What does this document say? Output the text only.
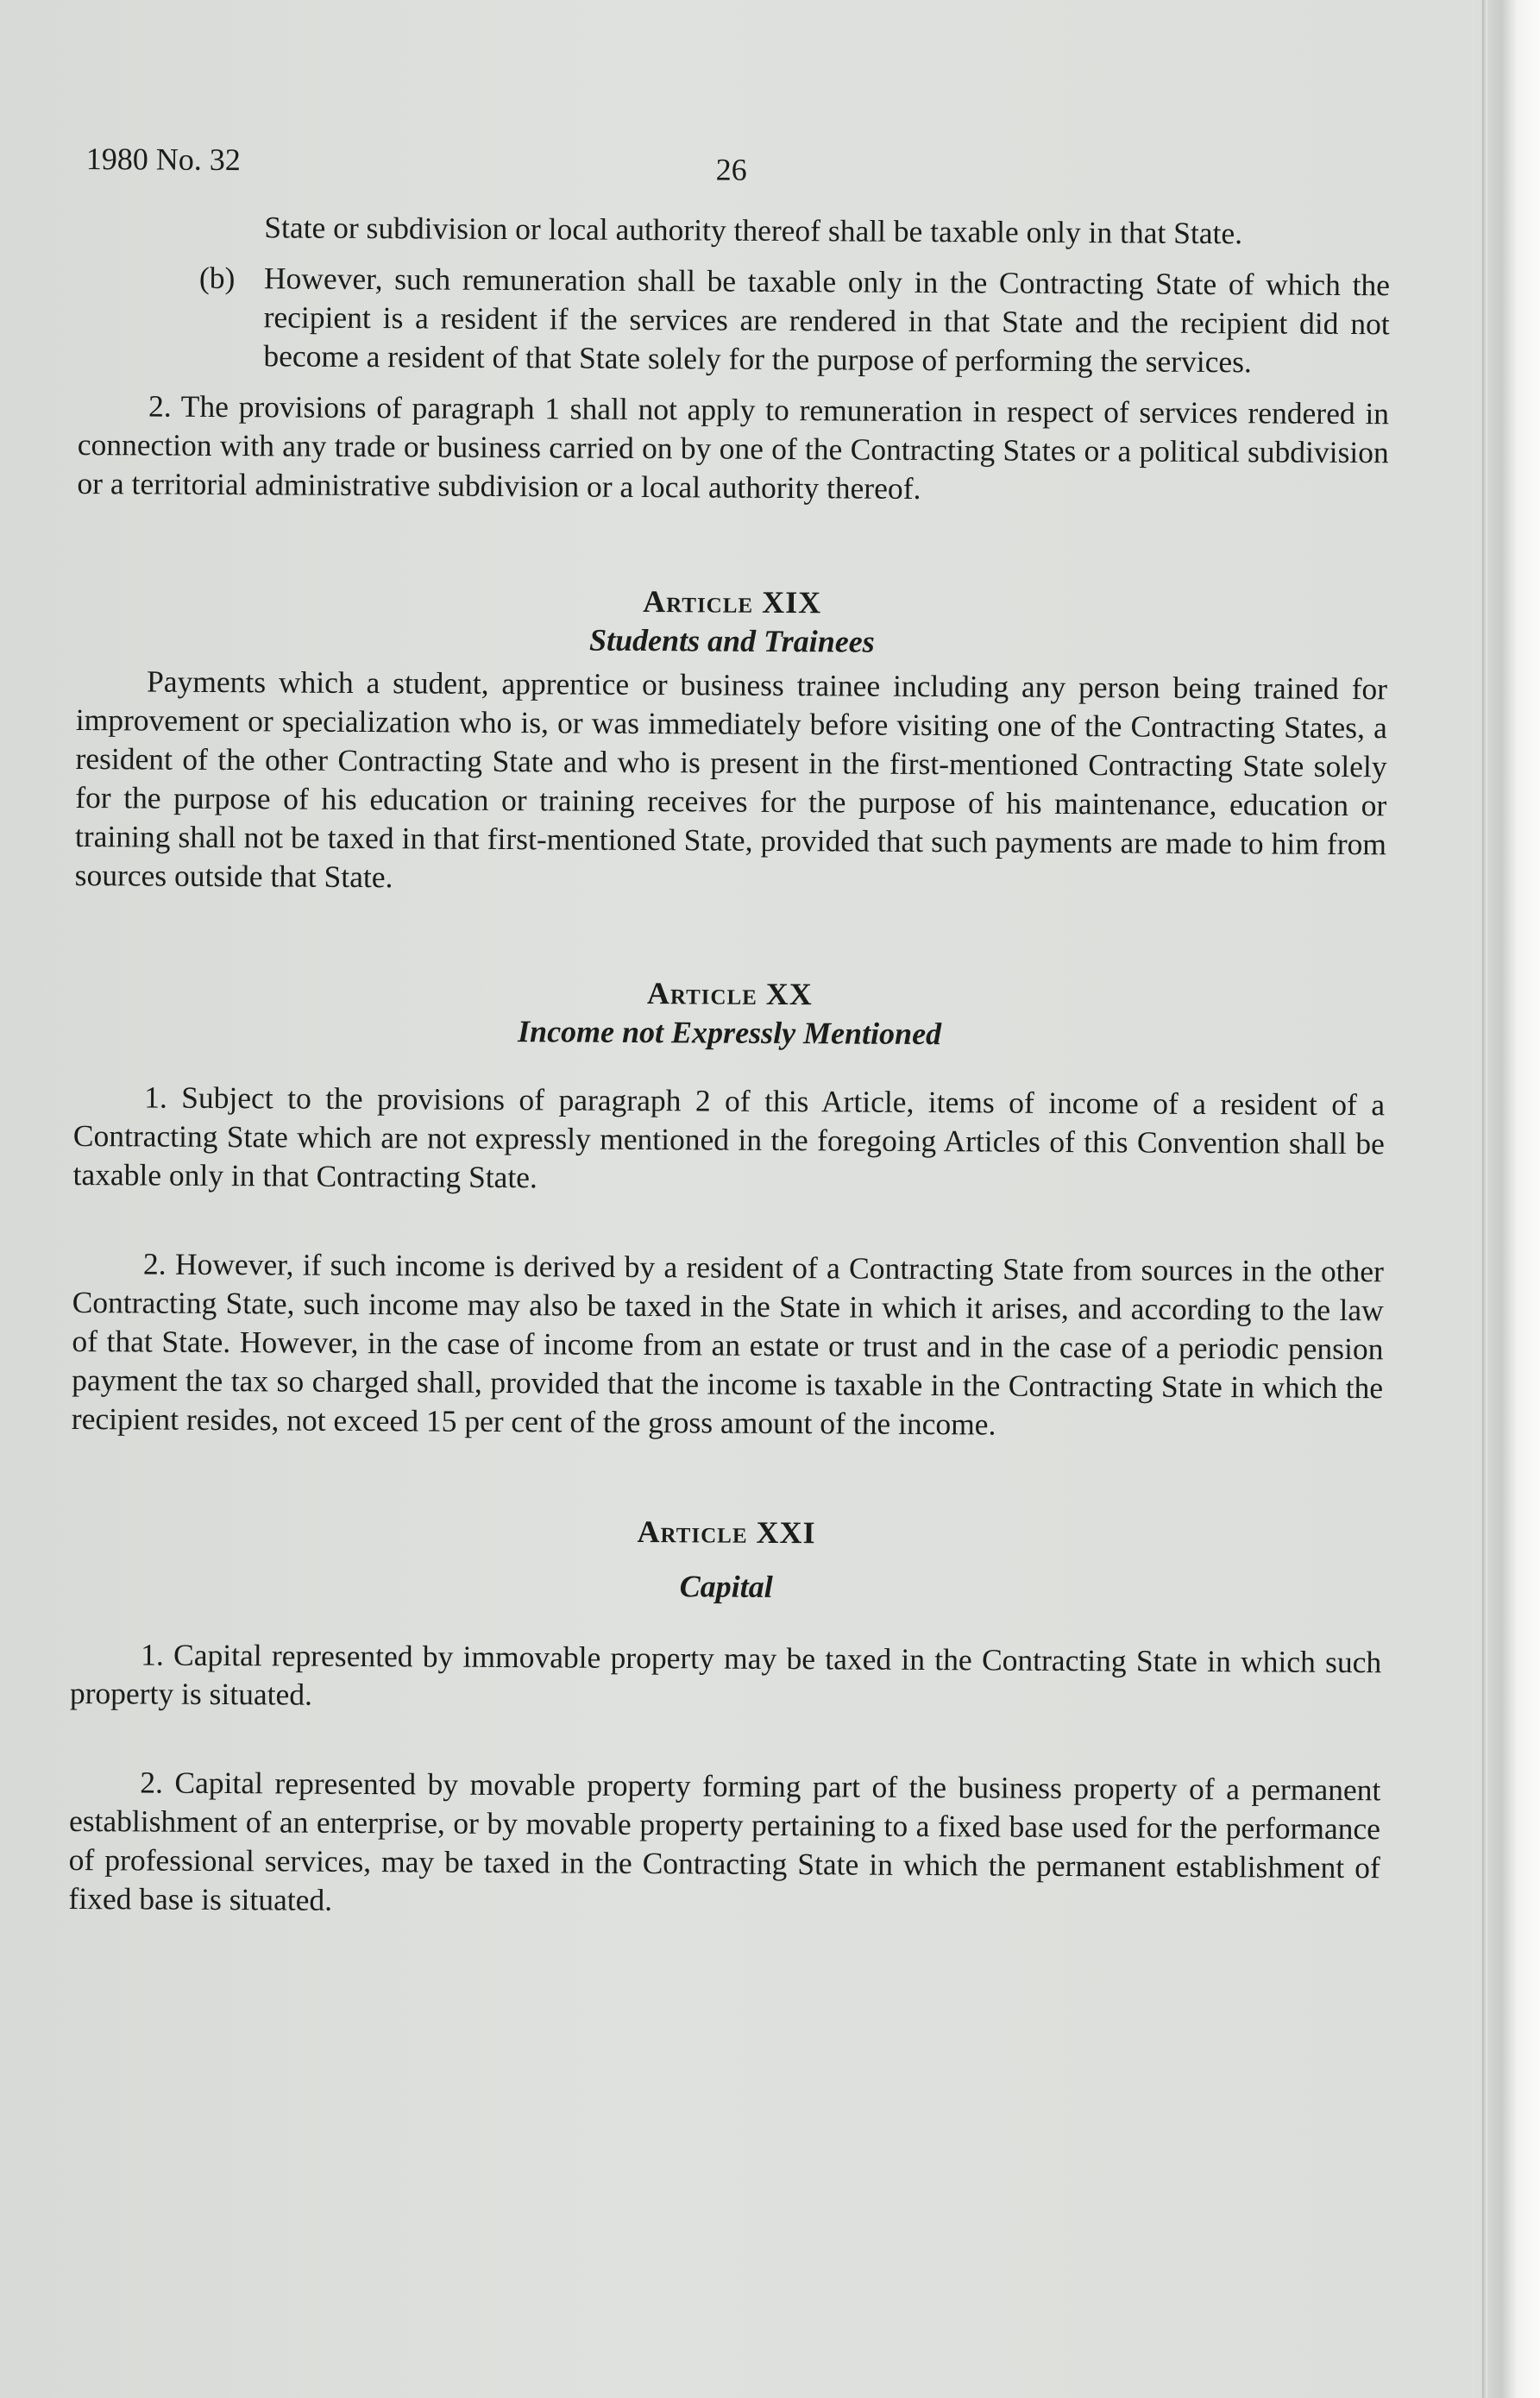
1980 No. 32	26

State or subdivision or local authority thereof shall be taxable only in that State.

(b) However, such remuneration shall be taxable only in the Contracting State of which the recipient is a resident if the services are rendered in that State and the recipient did not become a resident of that State solely for the purpose of performing the services.

2. The provisions of paragraph 1 shall not apply to remuneration in respect of services rendered in connection with any trade or business carried on by one of the Contracting States or a political subdivision or a territorial administrative subdivision or a local authority thereof.

Article XIX
Students and Trainees

Payments which a student, apprentice or business trainee including any person being trained for improvement or specialization who is, or was immediately before visiting one of the Contracting States, a resident of the other Contracting State and who is present in the first-mentioned Contracting State solely for the purpose of his education or training receives for the purpose of his maintenance, education or training shall not be taxed in that first-mentioned State, provided that such payments are made to him from sources outside that State.

Article XX
Income not Expressly Mentioned

1. Subject to the provisions of paragraph 2 of this Article, items of income of a resident of a Contracting State which are not expressly mentioned in the foregoing Articles of this Convention shall be taxable only in that Contracting State.

2. However, if such income is derived by a resident of a Contracting State from sources in the other Contracting State, such income may also be taxed in the State in which it arises, and according to the law of that State. However, in the case of income from an estate or trust and in the case of a periodic pension payment the tax so charged shall, provided that the income is taxable in the Contracting State in which the recipient resides, not exceed 15 per cent of the gross amount of the income.

Article XXI
Capital

1. Capital represented by immovable property may be taxed in the Contracting State in which such property is situated.

2. Capital represented by movable property forming part of the business property of a permanent establishment of an enterprise, or by movable property pertaining to a fixed base used for the performance of professional services, may be taxed in the Contracting State in which the permanent establishment of fixed base is situated.
